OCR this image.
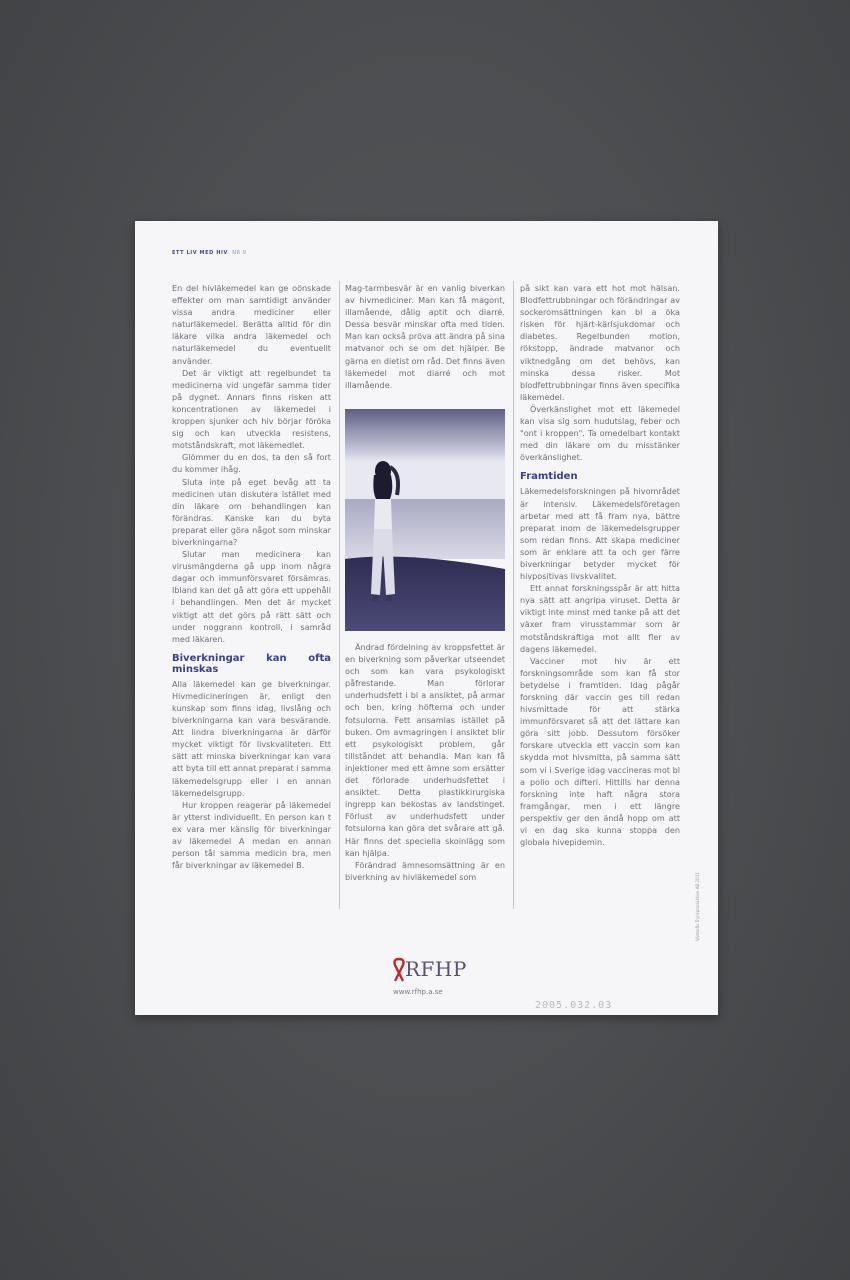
ETT LIV MED HIV NR 9

En del hivläkemedel kan ge oönskade effekter om man samtidigt använder vissa andra mediciner eller naturläkemedel. Berätta alltid för din läkare vilka andra läkemedel och naturläkemedel du eventuellt använder.

Det är viktigt att regelbundet ta medicinerna vid ungefär samma tider på dygnet. Annars finns risken att koncentrationen av läkemedel i kroppen sjunker och hiv börjar föröka sig och kan utveckla resistens, motståndskraft, mot läkemedlet.

Glömmer du en dos, ta den så fort du kommer ihåg.

Sluta inte på eget bevåg att ta medicinen utan diskutera istället med din läkare om behandlingen kan förändras. Kanske kan du byta preparat eller göra något som minskar biverkningarna?

Slutar man medicinera kan virusmängderna gå upp inom några dagar och immunförsvaret försämras. Ibland kan det gå att göra ett uppehåll i behandlingen. Men det är mycket viktigt att det görs på rätt sätt och under noggrann kontroll, i samråd med läkaren.

Biverkningar kan ofta minskas

Alla läkemedel kan ge biverkningar. Hivmedicineringen är, enligt den kunskap som finns idag, livslång och biverkningarna kan vara besvärande. Att lindra biverkningarna är därför mycket viktigt för livskvaliteten. Ett sätt att minska biverkningar kan vara att byta till ett annat preparat i samma läkemedelsgrupp eller i en annan läkemedelsgrupp.

Hur kroppen reagerar på läkemedel är ytterst individuellt. En person kan t ex vara mer känslig för biverkningar av läkemedel A medan en annan person tål samma medicin bra, men får biverkningar av läkemedel B.

Mag-tarmbesvär är en vanlig biverkan av hivmediciner. Man kan få magont, illamående, dålig aptit och diarré. Dessa besvär minskar ofta med tiden. Man kan också pröva att ändra på sina matvanor och se om det hjälper. Be gärna en dietist om råd. Det finns även läkemedel mot diarré och mot illamående.

Ändrad fördelning av kroppsfettet är en biverkning som påverkar utseendet och som kan vara psykologiskt påfrestande. Man förlorar underhudsfett i bl a ansiktet, på armar och ben, kring höfterna och under fotsulorna. Fett ansamlas istället på buken. Om avmagringen i ansiktet blir ett psykologiskt problem, går tillståndet att behandla. Man kan få injektioner med ett ämne som ersätter det förlorade underhudsfettet i ansiktet. Detta plastikkirurgiska ingrepp kan bekostas av landstinget. Förlust av underhudsfett under fotsulorna kan göra det svårare att gå. Här finns det speciella skoinlägg som kan hjälpa.

Förändrad ämnesomsättning är en biverkning av hivläkemedel som

på sikt kan vara ett hot mot hälsan. Blodfettrubbningar och förändringar av sockeromsättningen kan bl a öka risken för hjärt-kärlsjukdomar och diabetes. Regelbunden motion, rökstopp, ändrade matvanor och viktnedgång om det behövs, kan minska dessa risker. Mot blodfettrubbningar finns även specifika läkemedel.

Överkänslighet mot ett läkemedel kan visa sig som hudutslag, feber och "ont i kroppen". Ta omedelbart kontakt med din läkare om du misstänker överkänslighet.

Framtiden

Läkemedelsforskningen på hivområdet är intensiv. Läkemedelsföretagen arbetar med att få fram nya, bättre preparat inom de läkemedelsgrupper som redan finns. Att skapa mediciner som är enklare att ta och ger färre biverkningar betyder mycket för hivpositivas livskvalitet.

Ett annat forskningsspår är att hitta nya sätt att angripa viruset. Detta är viktigt inte minst med tanke på att det växer fram virusstammar som är motståndskraftiga mot allt fler av dagens läkemedel.

Vacciner mot hiv är ett forskningsområde som kan få stor betydelse i framtiden. Idag pågår forskning där vaccin ges till redan hivsmittade för att stärka immunförsvaret så att det lättare kan göra sitt jobb. Dessutom försöker forskare utveckla ett vaccin som kan skydda mot hivsmitta, på samma sätt som vi i Sverige idag vaccineras mot bl a polio och difteri. Hittills har denna forskning inte haft några stora framgångar, men i ett längre perspektiv ger den ändå hopp om att vi en dag ska kunna stoppa den globala hivepidemin.

RFHP
www.rfhp.a.se
Västerås Tryckproduktion AB 2001
2005.032.03
